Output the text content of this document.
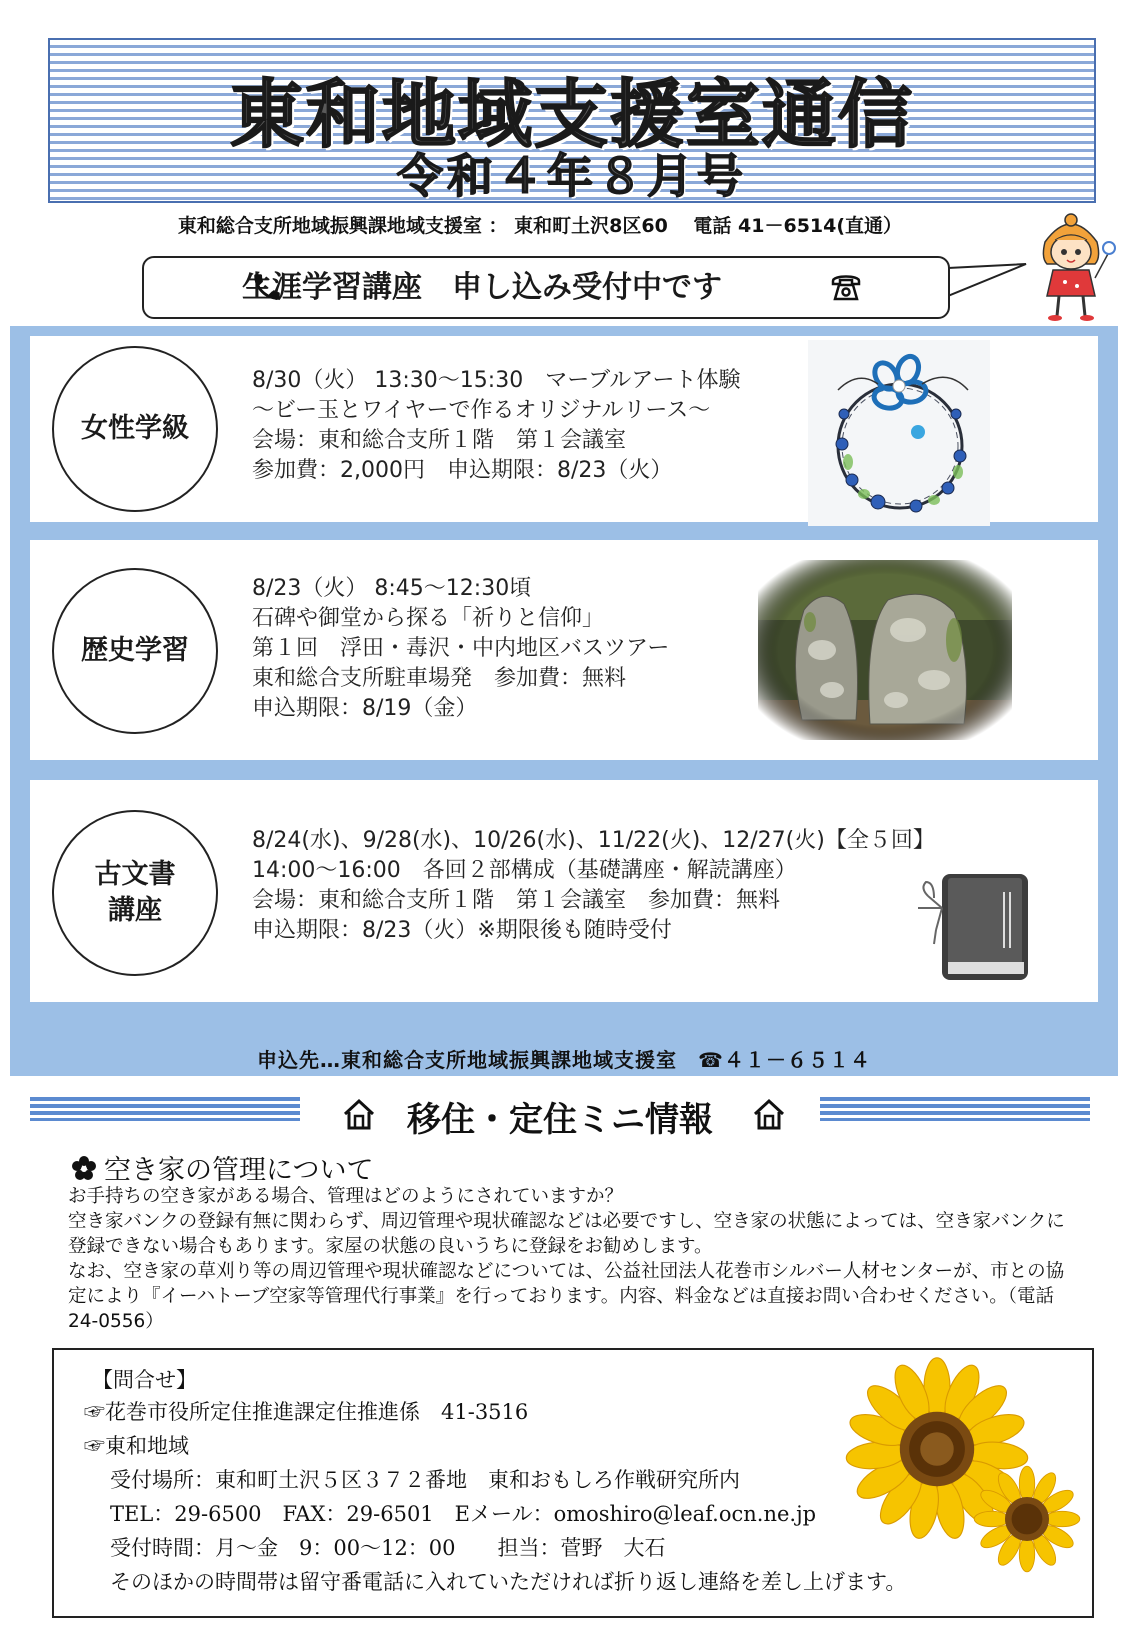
東和地域支援室通信
令和４年８月号
東和総合支所地域振興課地域支援室 ： 東和町土沢8区60　 電話 41－6514(直通）
生涯学習講座　申し込み受付中です
女性学級
8/30（火） 13:30～15:30　マーブルアート体験
～ビー玉とワイヤーで作るオリジナルリース～
会場：東和総合支所１階　第１会議室
参加費：2,000円　申込期限：8/23（火）
歴史学習
8/23（火） 8:45～12:30頃
石碑や御堂から探る「祈りと信仰」
第１回　浮田・毒沢・中内地区バスツアー
東和総合支所駐車場発　参加費：無料
申込期限：8/19（金）
古文書
講座
8/24(水)、9/28(水)、10/26(水)、11/22(火)、12/27(火)【全５回】
14:00～16:00　各回２部構成（基礎講座・解読講座）
会場：東和総合支所１階　第１会議室　参加費：無料
申込期限：8/23（火）※期限後も随時受付
申込先…東和総合支所地域振興課地域支援室　☎４１－６５１４
移住・定住ミニ情報
空き家の管理について

お手持ちの空き家がある場合、管理はどのようにされていますか？

空き家バンクの登録有無に関わらず、周辺管理や現状確認などは必要ですし、空き家の状態によっては、空き家バンクに登録できない場合もあります。家屋の状態の良いうちに登録をお勧めします。

なお、空き家の草刈り等の周辺管理や現状確認などについては、公益社団法人花巻市シルバー人材センターが、市との協定により『イーハトーブ空家等管理代行事業』を行っております。内容、料金などは直接お問い合わせください。（電話24-0556）

【問合せ】
☞花巻市役所定住推進課定住推進係　41-3516
☞東和地域
受付場所：東和町土沢５区３７２番地　東和おもしろ作戦研究所内
TEL：29-6500　FAX：29-6501　Eメール：omoshiro@leaf.ocn.ne.jp
受付時間：月～金　9：00～12：00　　担当：菅野　大石
そのほかの時間帯は留守番電話に入れていただければ折り返し連絡を差し上げます。
